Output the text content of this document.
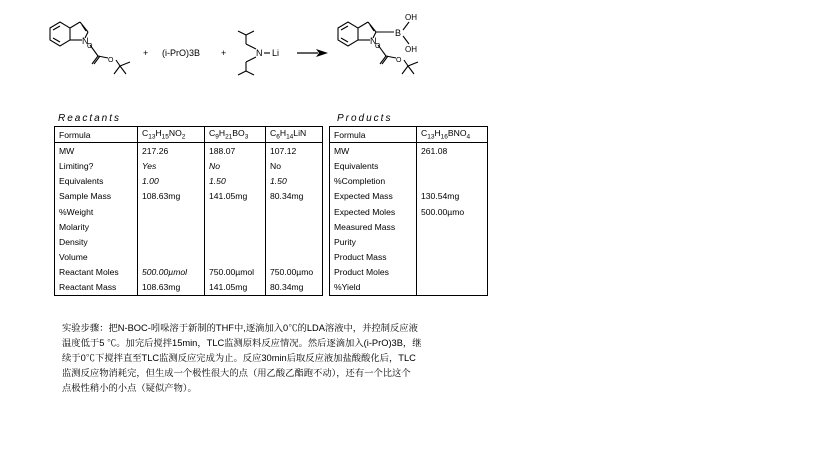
N
O
O
+ (i-PrO)3B +	N Li
N
B
OH
OH
O
O
Reactants
Formula	$C_{13}H_{15}NO_2$	$C_9H_{21}BO_3$	$C_6H_{14}LiN$
MW	217.26	188.07	107.12
Limiting?	Yes	No	No
Equivalents	1.00	1.50	1.50
Sample Mass	108.63mg	141.05mg	80.34mg
%Weight			
Molarity			
Density			
Volume			
Reactant Moles	500.00µmol	750.00µmol	750.00µmo
Reactant Mass	108.63mg	141.05mg	80.34mg
Products
Formula	$C_{13}H_{16}BNO_4$
MW	261.08
Equivalents	
%Completion	
Expected Mass	130.54mg
Expected Moles	500.00µmo
Measured Mass	
Purity	
Product Mass	
Product Moles	
%Yield	
实验步骤：把N-BOC-吲哚溶于新制的THF中,逐滴加入0℃的LDA溶液中，并控制反应液
温度低于5 ℃。加完后搅拌15min，TLC监测原料反应情况。然后逐滴加入(i-PrO)3B，继
续于0℃下搅拌直至TLC监测反应完成为止。反应30min后取反应液加盐酸酸化后，TLC
监测反应物消耗完，但生成一个极性很大的点（用乙酸乙酯跑不动），还有一个比这个
点极性稍小的小点（疑似产物）。
